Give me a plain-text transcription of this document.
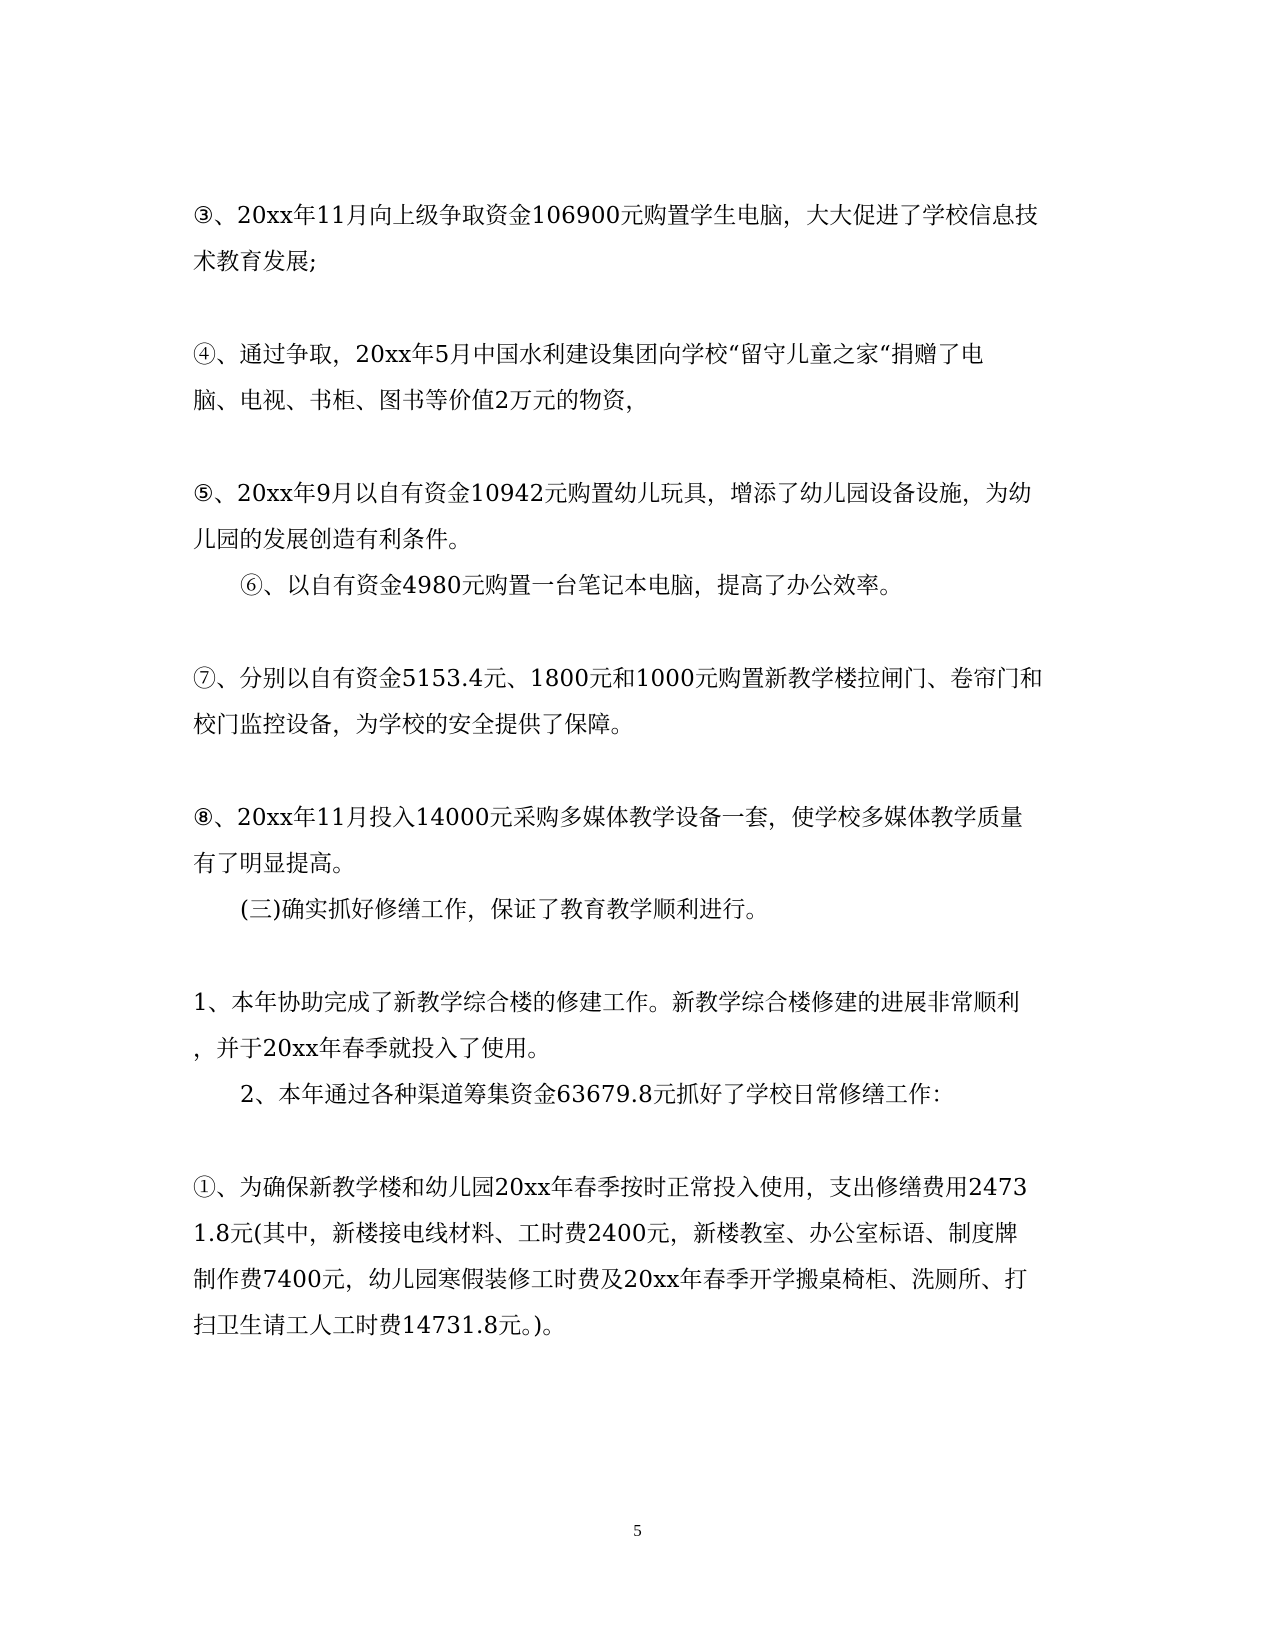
③、20xx年11月向上级争取资金106900元购置学生电脑，大大促进了学校信息技
术教育发展;
④、通过争取，20xx年5月中国水利建设集团向学校“留守儿童之家“捐赠了电
脑、电视、书柜、图书等价值2万元的物资，
⑤、20xx年9月以自有资金10942元购置幼儿玩具，增添了幼儿园设备设施，为幼
儿园的发展创造有利条件。
⑥、以自有资金4980元购置一台笔记本电脑，提高了办公效率。
⑦、分别以自有资金5153.4元、1800元和1000元购置新教学楼拉闸门、卷帘门和
校门监控设备，为学校的安全提供了保障。
⑧、20xx年11月投入14000元采购多媒体教学设备一套，使学校多媒体教学质量
有了明显提高。
(三)确实抓好修缮工作，保证了教育教学顺利进行。
1、本年协助完成了新教学综合楼的修建工作。新教学综合楼修建的进展非常顺利
，并于20xx年春季就投入了使用。
2、本年通过各种渠道筹集资金63679.8元抓好了学校日常修缮工作：
①、为确保新教学楼和幼儿园20xx年春季按时正常投入使用，支出修缮费用2473
1.8元(其中，新楼接电线材料、工时费2400元，新楼教室、办公室标语、制度牌
制作费7400元，幼儿园寒假装修工时费及20xx年春季开学搬桌椅柜、洗厕所、打
扫卫生请工人工时费14731.8元。)。
5
